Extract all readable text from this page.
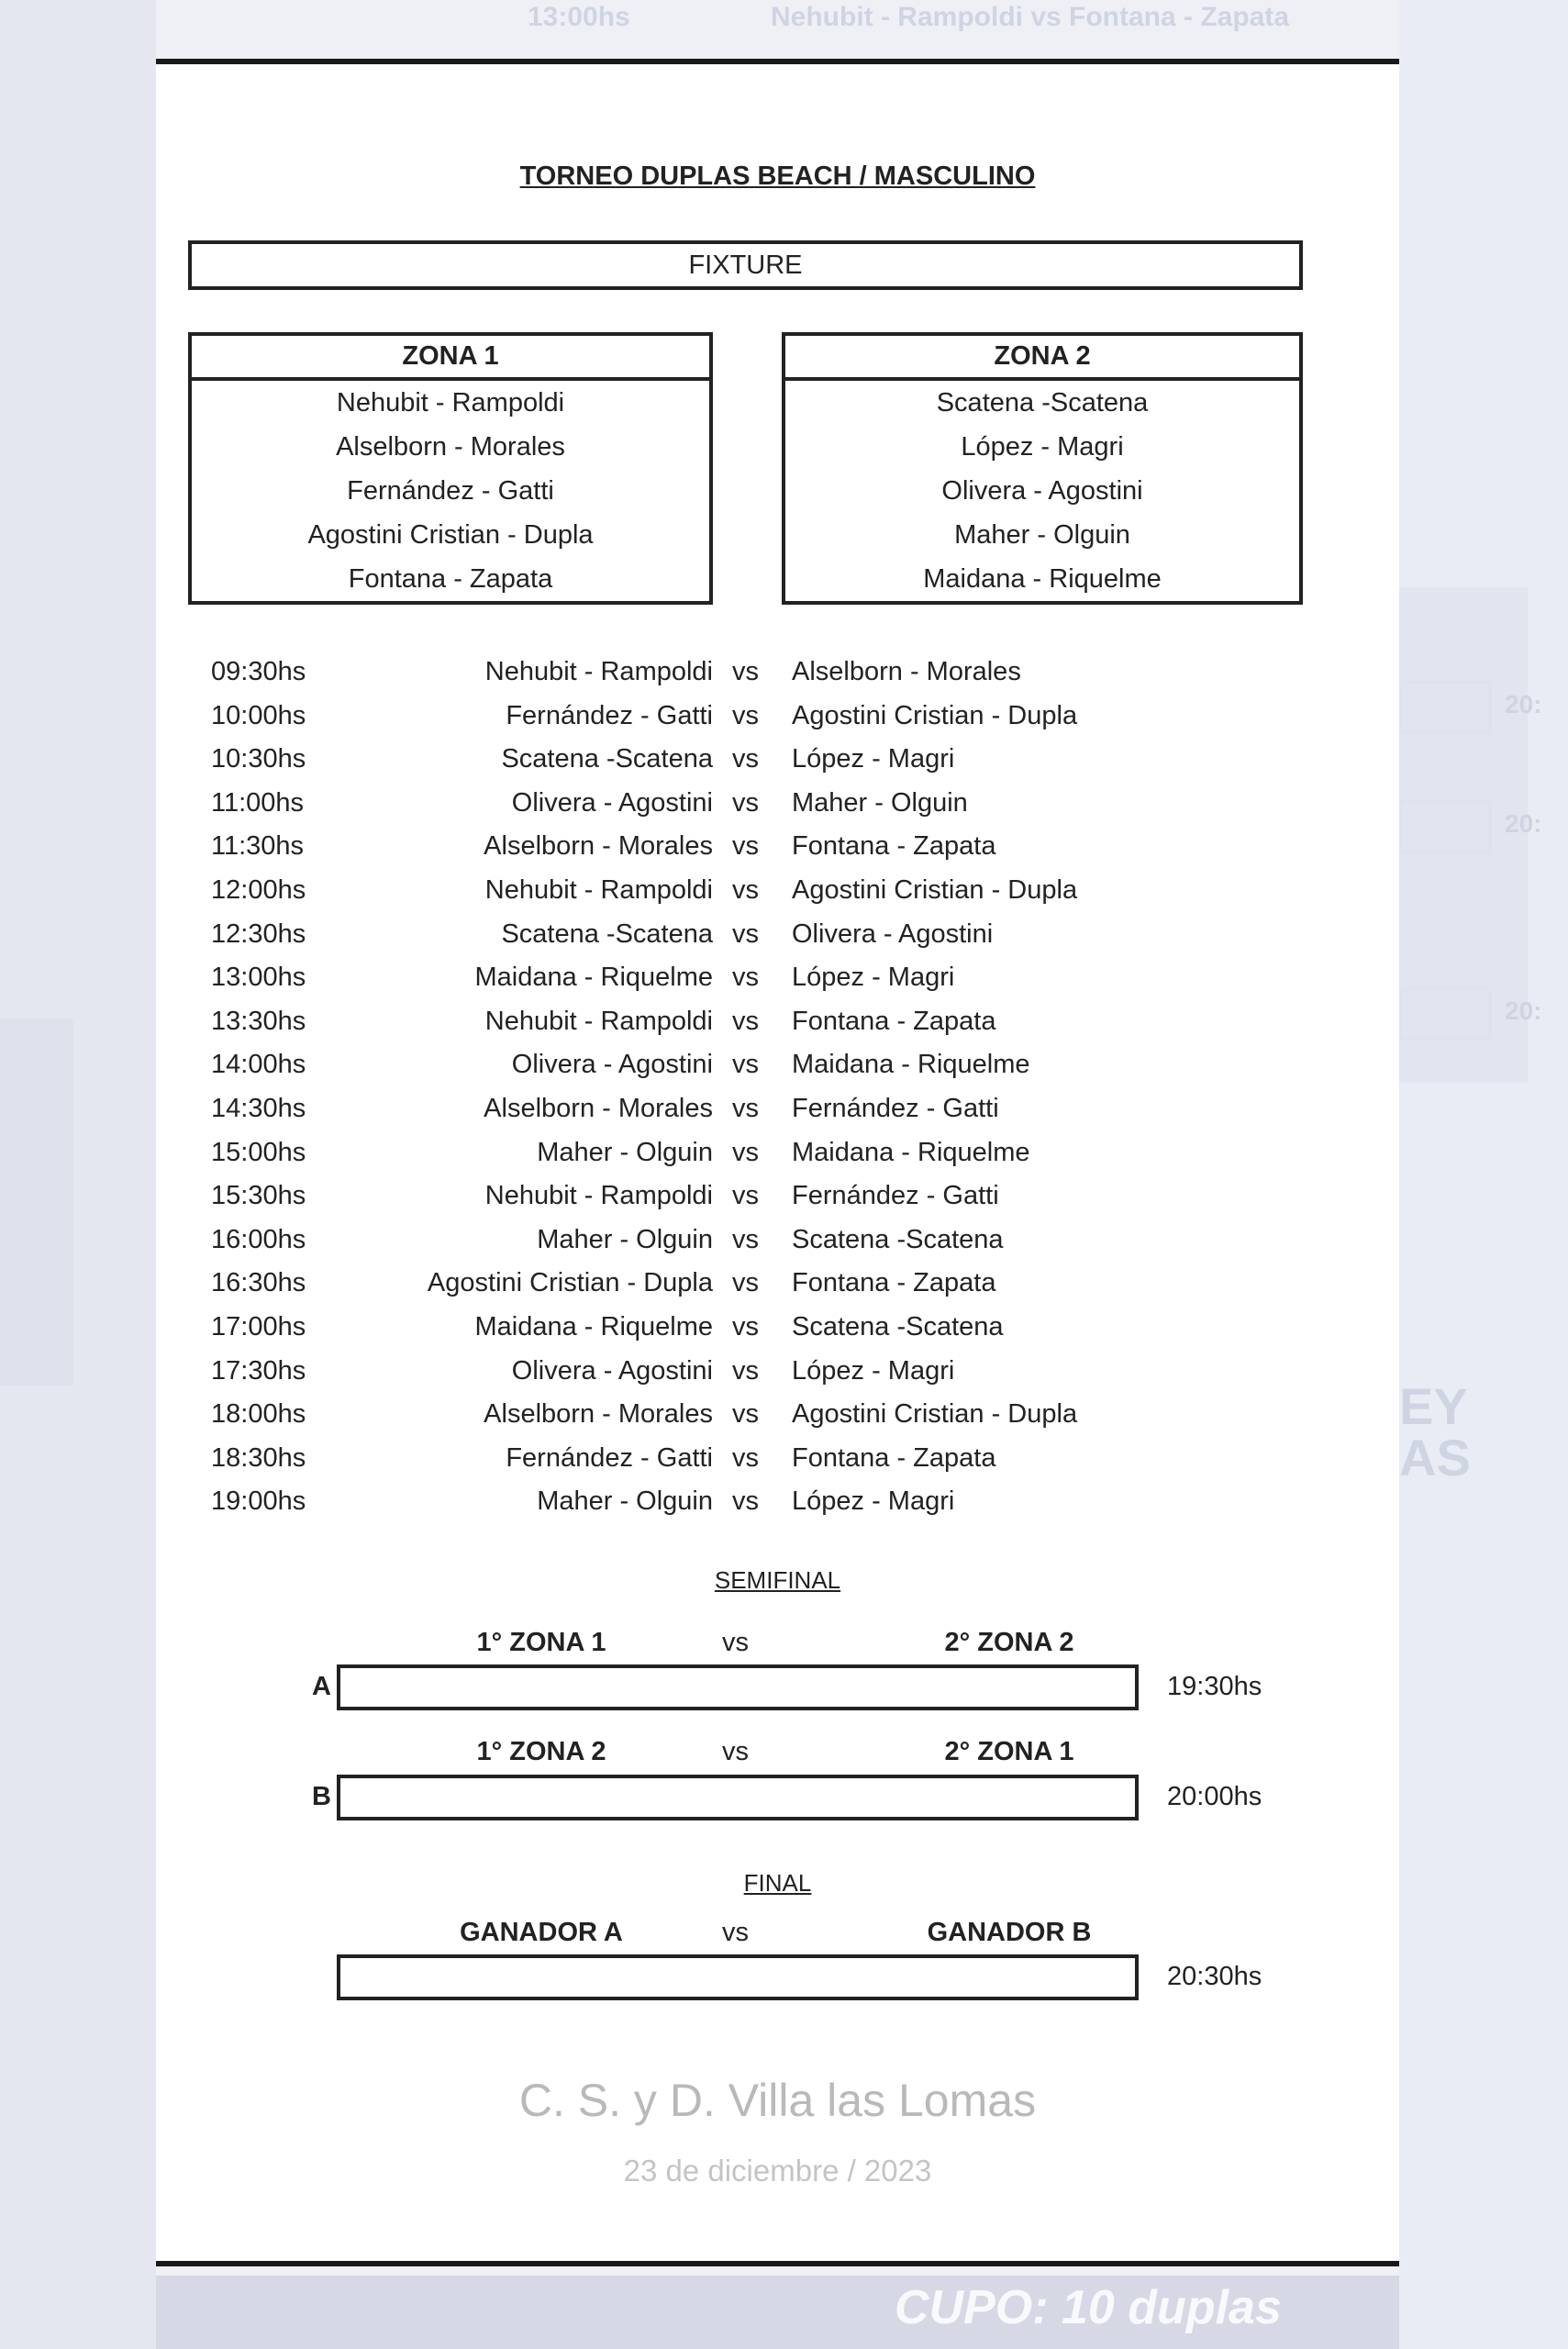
13:00hs	Nehubit - Rampoldi vs Fontana - Zapata
20:
20:
20:
EY AS
CUPO: 10 duplas
TORNEO DUPLAS BEACH / MASCULINO
FIXTURE
ZONA 1
Nehubit - Rampoldi
Alselborn - Morales
Fernández - Gatti
Agostini Cristian - Dupla
Fontana - Zapata
ZONA 2
Scatena -Scatena
López - Magri
Olivera - Agostini
Maher - Olguin
Maidana - Riquelme
09:30hs	Nehubit - Rampoldi vs Alselborn - Morales
10:00hs	Fernández - Gatti vs Agostini Cristian - Dupla
10:30hs	Scatena -Scatena vs López - Magri
11:00hs	Olivera - Agostini vs Maher - Olguin
11:30hs	Alselborn - Morales vs Fontana - Zapata
12:00hs	Nehubit - Rampoldi vs Agostini Cristian - Dupla
12:30hs	Scatena -Scatena vs Olivera - Agostini
13:00hs	Maidana - Riquelme vs López - Magri
13:30hs	Nehubit - Rampoldi vs Fontana - Zapata
14:00hs	Olivera - Agostini vs Maidana - Riquelme
14:30hs	Alselborn - Morales vs Fernández - Gatti
15:00hs	Maher - Olguin vs Maidana - Riquelme
15:30hs	Nehubit - Rampoldi vs Fernández - Gatti
16:00hs	Maher - Olguin vs Scatena -Scatena
16:30hs	Agostini Cristian - Dupla vs Fontana - Zapata
17:00hs	Maidana - Riquelme vs Scatena -Scatena
17:30hs	Olivera - Agostini vs López - Magri
18:00hs	Alselborn - Morales vs Agostini Cristian - Dupla
18:30hs	Fernández - Gatti vs Fontana - Zapata
19:00hs	Maher - Olguin vs López - Magri
SEMIFINAL
1° ZONA 1	vs	2° ZONA 2
A	19:30hs
1° ZONA 2	vs	2° ZONA 1
B	20:00hs
FINAL
GANADOR A	vs	GANADOR B
20:30hs
C. S. y D. Villa las Lomas
23 de diciembre / 2023
